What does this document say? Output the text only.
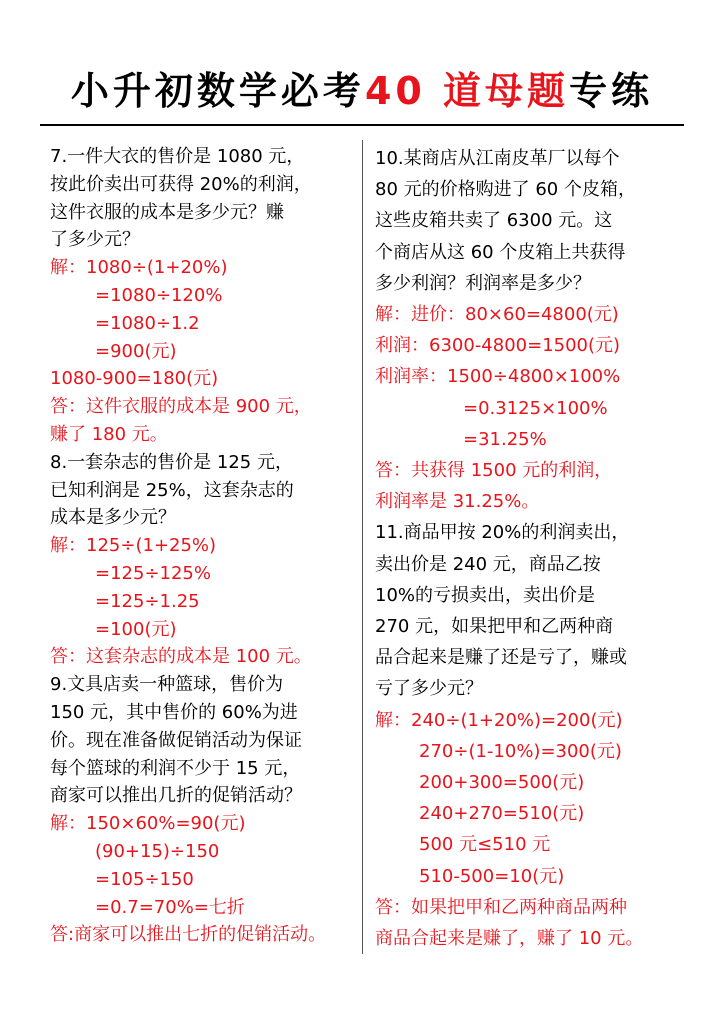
小升初数学必考40 道母题专练
7.一件大衣的售价是 1080 元，
按此价卖出可获得 20%的利润，
这件衣服的成本是多少元？赚
了多少元？
解：1080÷(1+20%)
=1080÷120%
=1080÷1.2
=900(元)
1080-900=180(元)
答：这件衣服的成本是 900 元，
赚了 180 元。
8.一套杂志的售价是 125 元，
已知利润是 25%，这套杂志的
成本是多少元？
解：125÷(1+25%)
=125÷125%
=125÷1.25
=100(元)
答：这套杂志的成本是 100 元。
9.文具店卖一种篮球，售价为
150 元，其中售价的 60%为进
价。现在准备做促销活动为保证
每个篮球的利润不少于 15 元，
商家可以推出几折的促销活动？
解：150×60%=90(元)
(90+15)÷150
=105÷150
=0.7=70%=七折
答:商家可以推出七折的促销活动。
10.某商店从江南皮革厂以每个
80 元的价格购进了 60 个皮箱，
这些皮箱共卖了 6300 元。这
个商店从这 60 个皮箱上共获得
多少利润？利润率是多少？
解：进价：80×60=4800(元)
利润：6300-4800=1500(元)
利润率：1500÷4800×100%
=0.3125×100%
=31.25%
答：共获得 1500 元的利润，
利润率是 31.25%。
11.商品甲按 20%的利润卖出，
卖出价是 240 元，商品乙按
10%的亏损卖出，卖出价是
270 元，如果把甲和乙两种商
品合起来是赚了还是亏了，赚或
亏了多少元？
解：240÷(1+20%)=200(元)
270÷(1-10%)=300(元)
200+300=500(元)
240+270=510(元)
500 元≤510 元
510-500=10(元)
答：如果把甲和乙两种商品两种
商品合起来是赚了，赚了 10 元。
